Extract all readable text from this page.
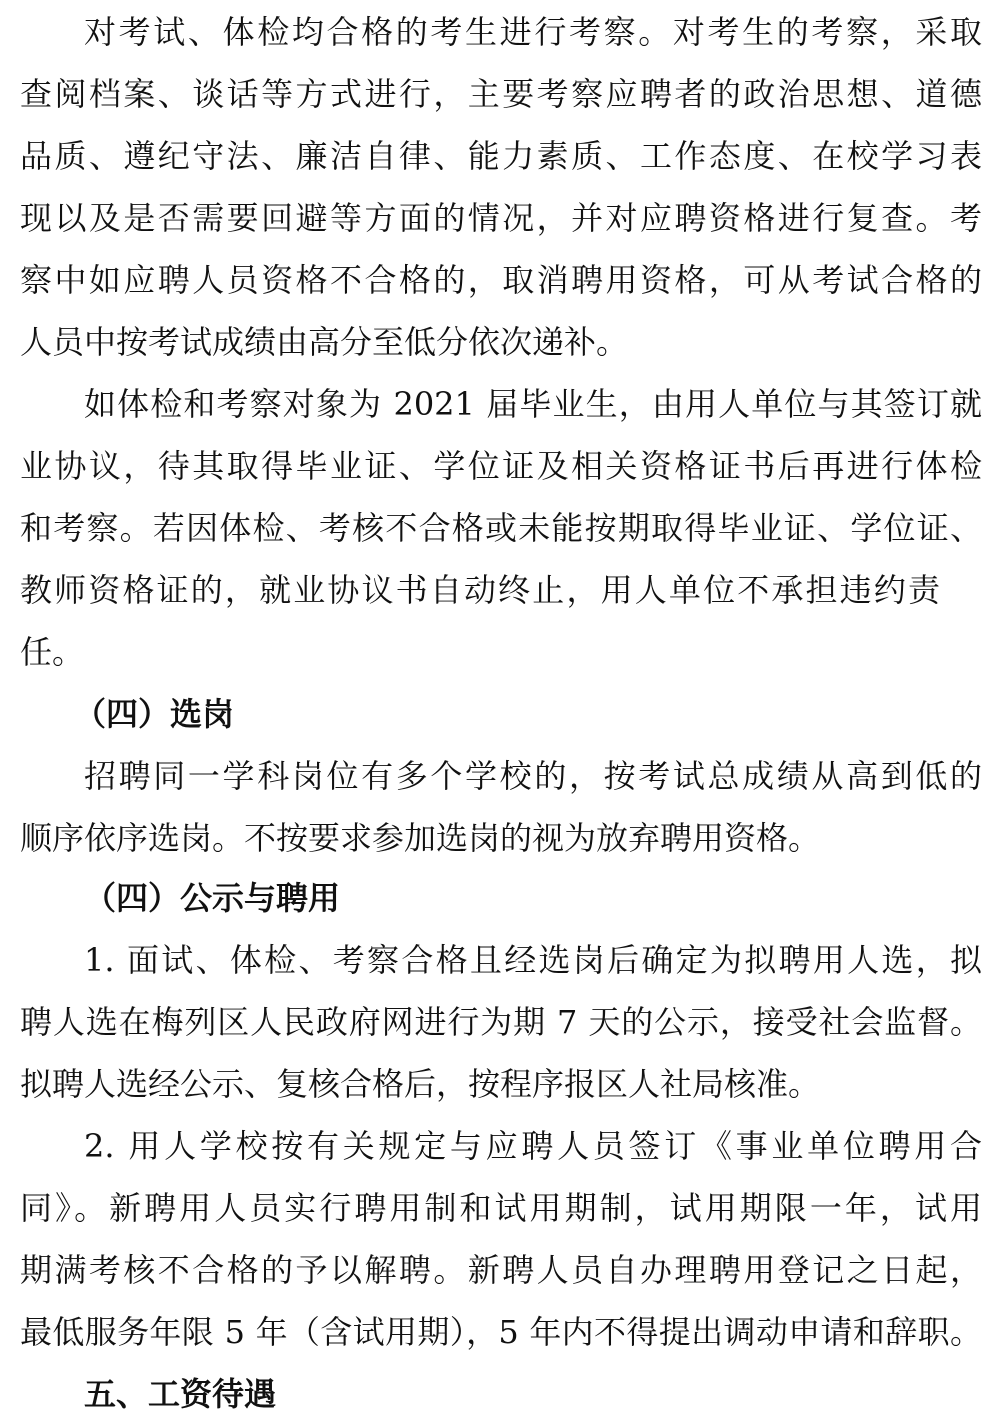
对考试、体检均合格的考生进行考察。对考生的考察，采取
查阅档案、谈话等方式进行，主要考察应聘者的政治思想、道德
品质、遵纪守法、廉洁自律、能力素质、工作态度、在校学习表
现以及是否需要回避等方面的情况，并对应聘资格进行复查。考
察中如应聘人员资格不合格的，取消聘用资格，可从考试合格的
人员中按考试成绩由高分至低分依次递补。
如体检和考察对象为 2021 届毕业生，由用人单位与其签订就
业协议，待其取得毕业证、学位证及相关资格证书后再进行体检
和考察。若因体检、考核不合格或未能按期取得毕业证、学位证、
教师资格证的，就业协议书自动终止，用人单位不承担违约责
任。
（四）选岗
招聘同一学科岗位有多个学校的，按考试总成绩从高到低的
顺序依序选岗。不按要求参加选岗的视为放弃聘用资格。
（四）公示与聘用
1. 面试、体检、考察合格且经选岗后确定为拟聘用人选，拟
聘人选在梅列区人民政府网进行为期 7 天的公示，接受社会监督。
拟聘人选经公示、复核合格后，按程序报区人社局核准。
2. 用人学校按有关规定与应聘人员签订《事业单位聘用合
同》。新聘用人员实行聘用制和试用期制，试用期限一年，试用
期满考核不合格的予以解聘。新聘人员自办理聘用登记之日起，
最低服务年限 5 年（含试用期），5 年内不得提出调动申请和辞职。
五、工资待遇
